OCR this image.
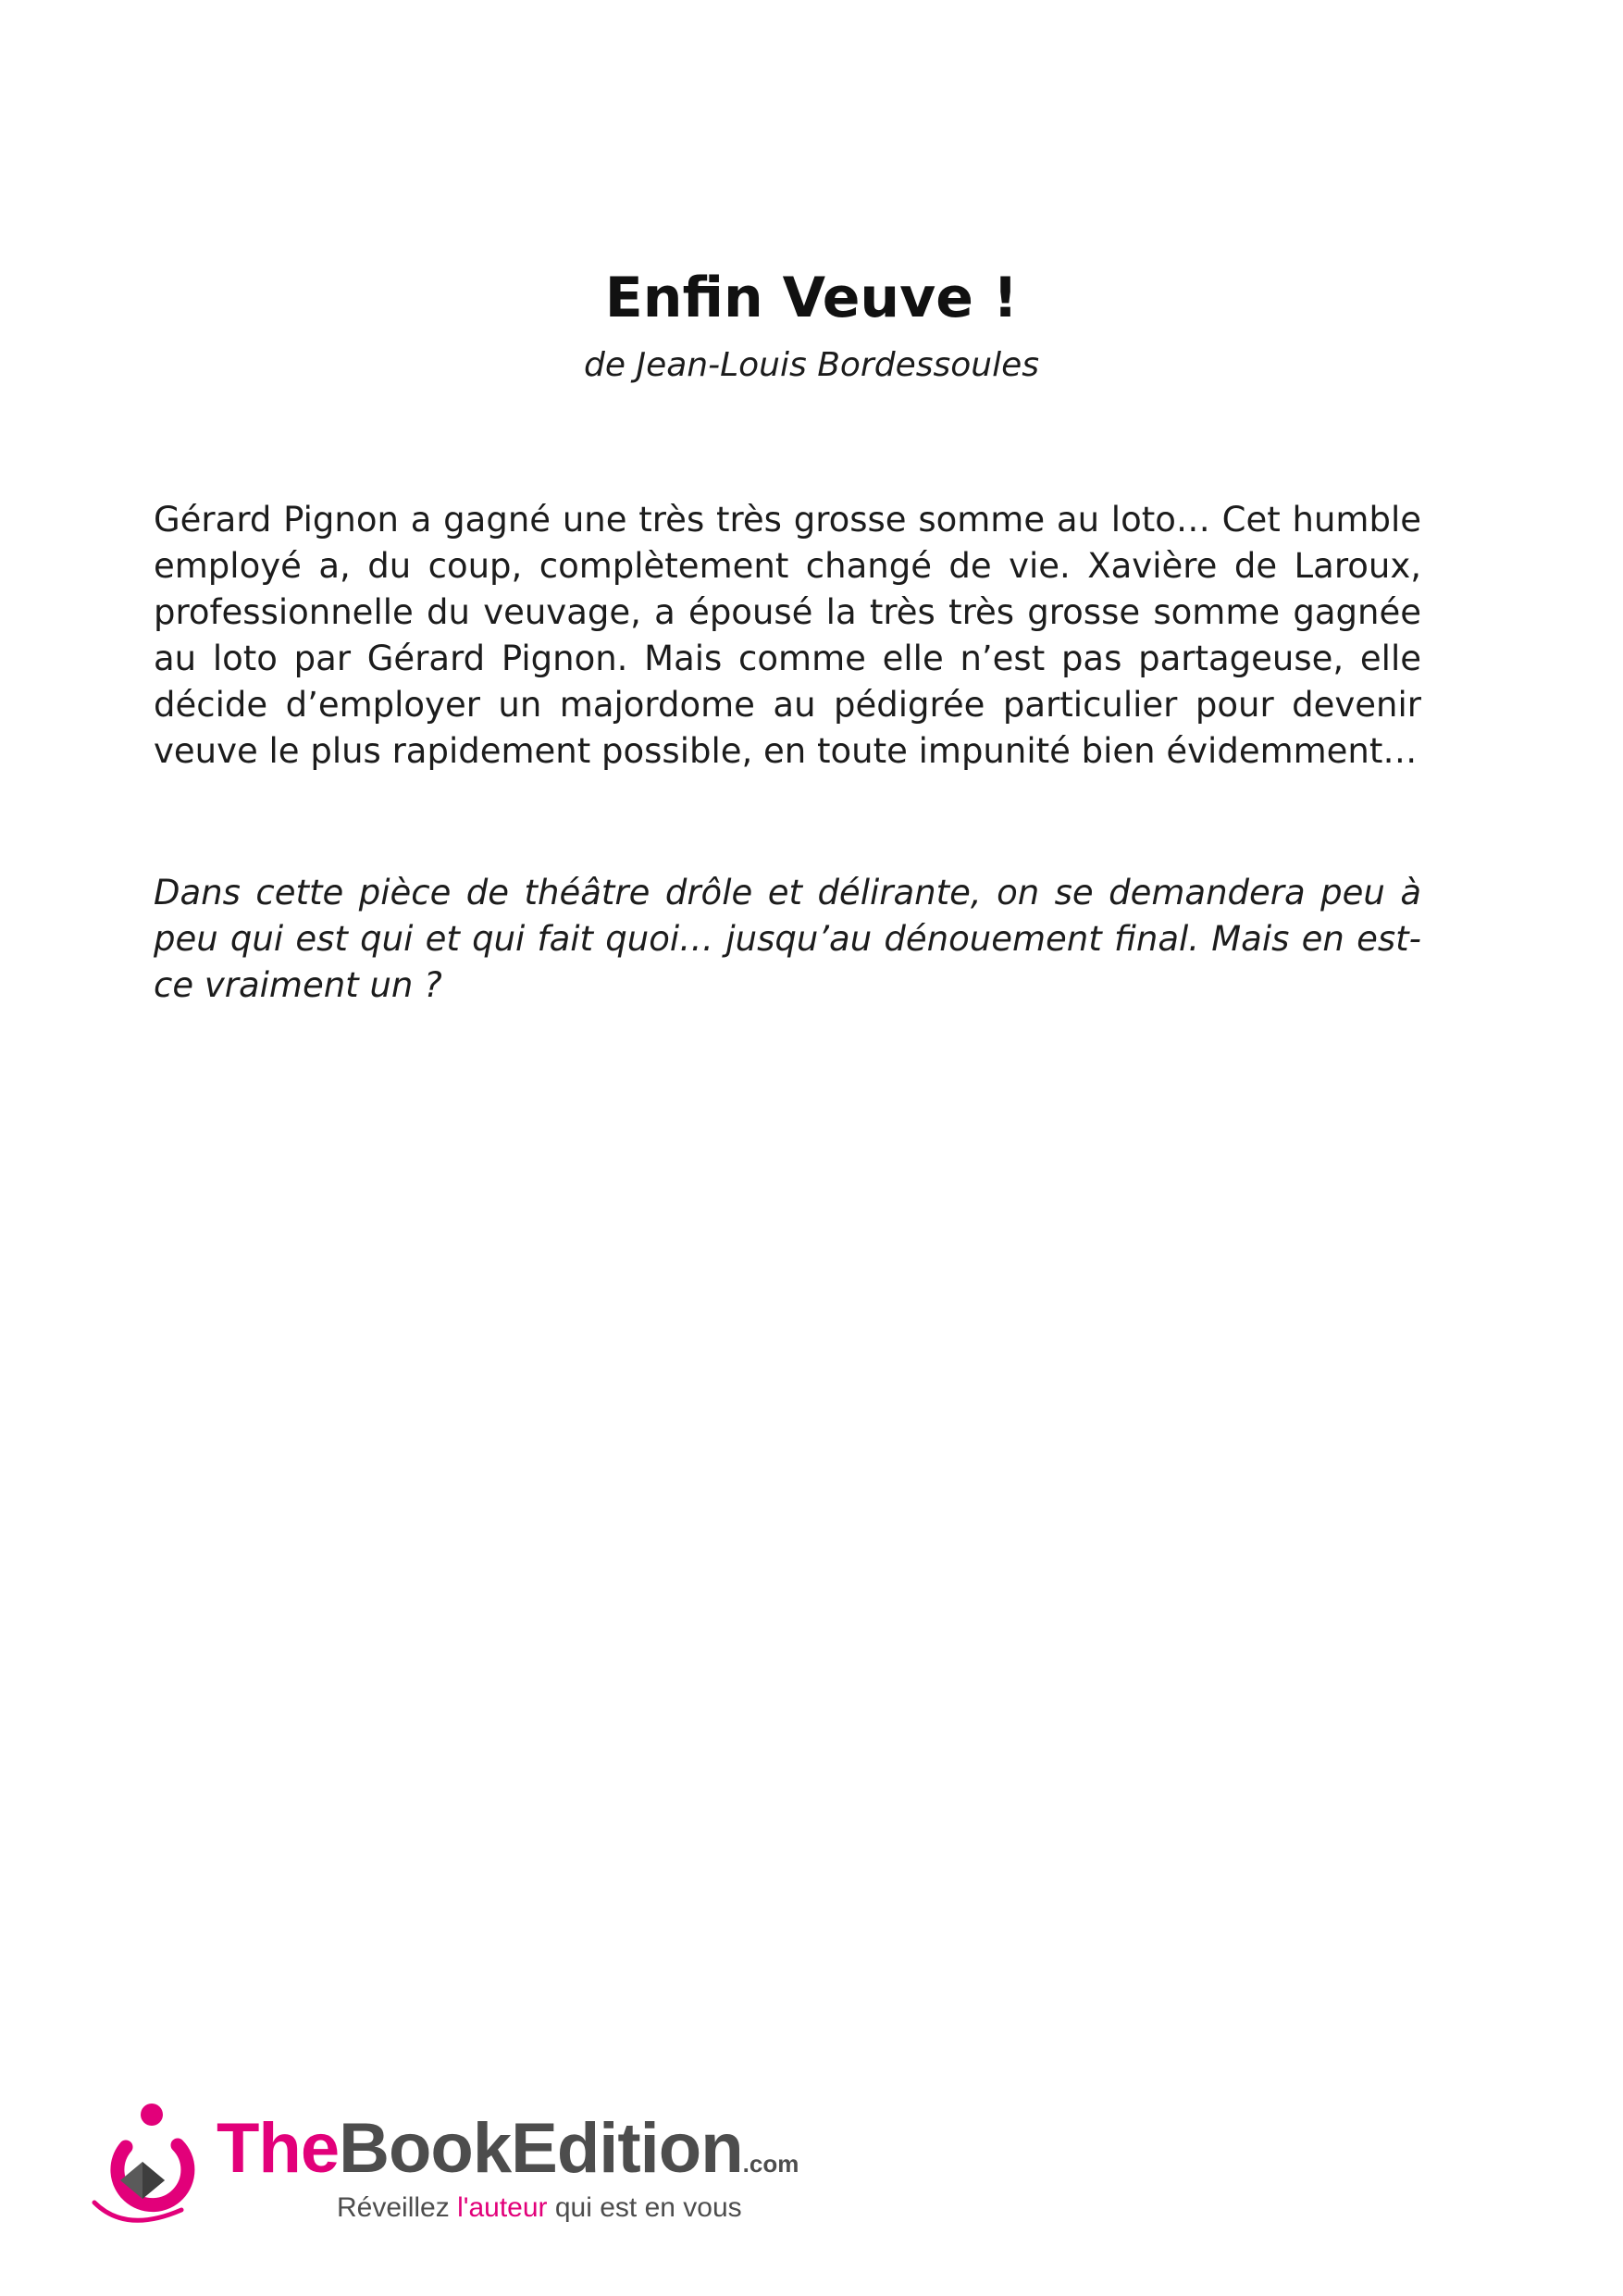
Enfin Veuve !
de Jean-Louis Bordessoules

Gérard Pignon a gagné une très très grosse somme au loto… Cet humble employé a, du coup, complètement changé de vie. Xavière de Laroux, professionnelle du veuvage, a épousé la très très grosse somme gagnée au loto par Gérard Pignon. Mais comme elle n’est pas partageuse, elle décide d’employer un majordome au pédigrée particulier pour devenir veuve le plus rapidement possible, en toute impunité bien évidemment…

Dans cette pièce de théâtre drôle et délirante, on se demandera peu à peu qui est qui et qui fait quoi… jusqu’au dénouement final. Mais en est-ce vraiment un ?

TheBookEdition.com
Réveillez l'auteur qui est en vous
